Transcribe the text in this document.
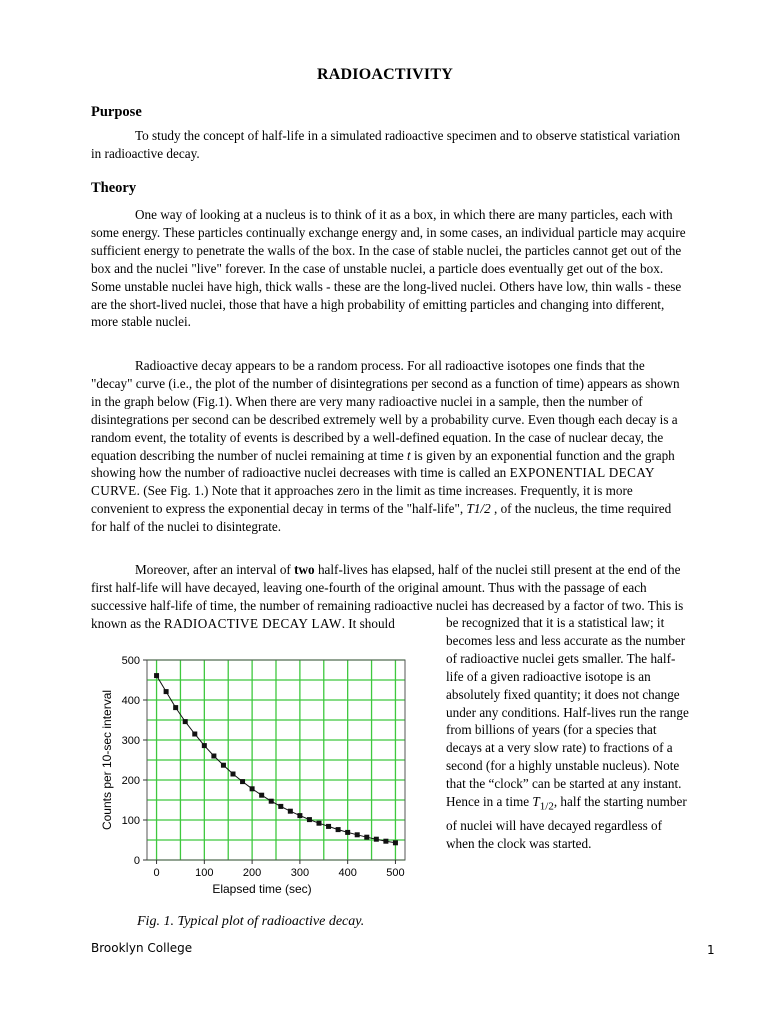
RADIOACTIVITY
Purpose

To study the concept of half-life in a simulated radioactive specimen and to observe statistical variation in radioactive decay.

Theory

One way of looking at a nucleus is to think of it as a box, in which there are many particles, each with some energy. These particles continually exchange energy and, in some cases, an individual particle may acquire sufficient energy to penetrate the walls of the box. In the case of stable nuclei, the particles cannot get out of the box and the nuclei "live" forever. In the case of unstable nuclei, a particle does eventually get out of the box. Some unstable nuclei have high, thick walls - these are the long-lived nuclei. Others have low, thin walls - these are the short-lived nuclei, those that have a high probability of emitting particles and changing into different, more stable nuclei.

Radioactive decay appears to be a random process. For all radioactive isotopes one finds that the "decay" curve (i.e., the plot of the number of disintegrations per second as a function of time) appears as shown in the graph below (Fig.1). When there are very many radioactive nuclei in a sample, then the number of disintegrations per second can be described extremely well by a probability curve. Even though each decay is a random event, the totality of events is described by a well-defined equation. In the case of nuclear decay, the equation describing the number of nuclei remaining at time t is given by an exponential function and the graph showing how the number of radioactive nuclei decreases with time is called an EXPONENTIAL DECAY CURVE. (See Fig. 1.) Note that it approaches zero in the limit as time increases. Frequently, it is more convenient to express the exponential decay in terms of the "half-life", T1/2 , of the nucleus, the time required for half of the nuclei to disintegrate.

Moreover, after an interval of two half-lives has elapsed, half of the nuclei still present at the end of the first half-life will have decayed, leaving one-fourth of the original amount. Thus with the passage of each successive half-life of time, the number of remaining radioactive nuclei has decreased by a factor of two. This is known as the RADIOACTIVE DECAY LAW. It should	be recognized that it is a statistical law; it becomes less and less accurate as the number of radioactive nuclei gets smaller. The half-life of a given radioactive isotope is an absolutely fixed quantity; it does not change under any conditions. Half-lives run the range from billions of years (for a species that decays at a very slow rate) to fractions of a second (for a highly unstable nucleus). Note that the “clock” can be started at any instant. Hence in a time $T_{1/2}$, half the starting number of nuclei will have decayed regardless of when the clock was started.

0	100	200	300	400	500
0
100
200
300
400
500
Elapsed time (sec)
Counts per 10-sec interval
Fig. 1. Typical plot of radioactive decay.
Brooklyn College	1
